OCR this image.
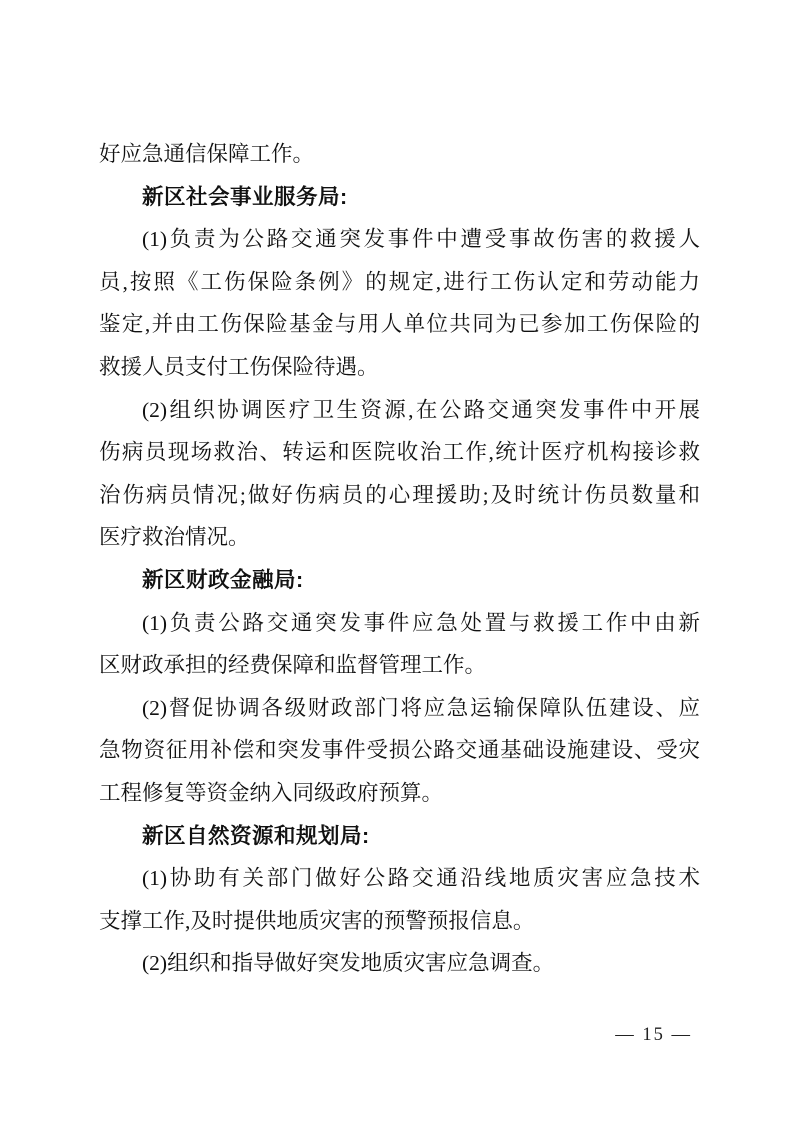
好应急通信保障工作。
新区社会事业服务局:
(1)负责为公路交通突发事件中遭受事故伤害的救援人
员,按照《工伤保险条例》的规定,进行工伤认定和劳动能力
鉴定,并由工伤保险基金与用人单位共同为已参加工伤保险的
救援人员支付工伤保险待遇。
(2)组织协调医疗卫生资源,在公路交通突发事件中开展
伤病员现场救治、转运和医院收治工作,统计医疗机构接诊救
治伤病员情况;做好伤病员的心理援助;及时统计伤员数量和
医疗救治情况。
新区财政金融局:
(1)负责公路交通突发事件应急处置与救援工作中由新
区财政承担的经费保障和监督管理工作。
(2)督促协调各级财政部门将应急运输保障队伍建设、应
急物资征用补偿和突发事件受损公路交通基础设施建设、受灾
工程修复等资金纳入同级政府预算。
新区自然资源和规划局:
(1)协助有关部门做好公路交通沿线地质灾害应急技术
支撑工作,及时提供地质灾害的预警预报信息。
(2)组织和指导做好突发地质灾害应急调查。
— 15 —
